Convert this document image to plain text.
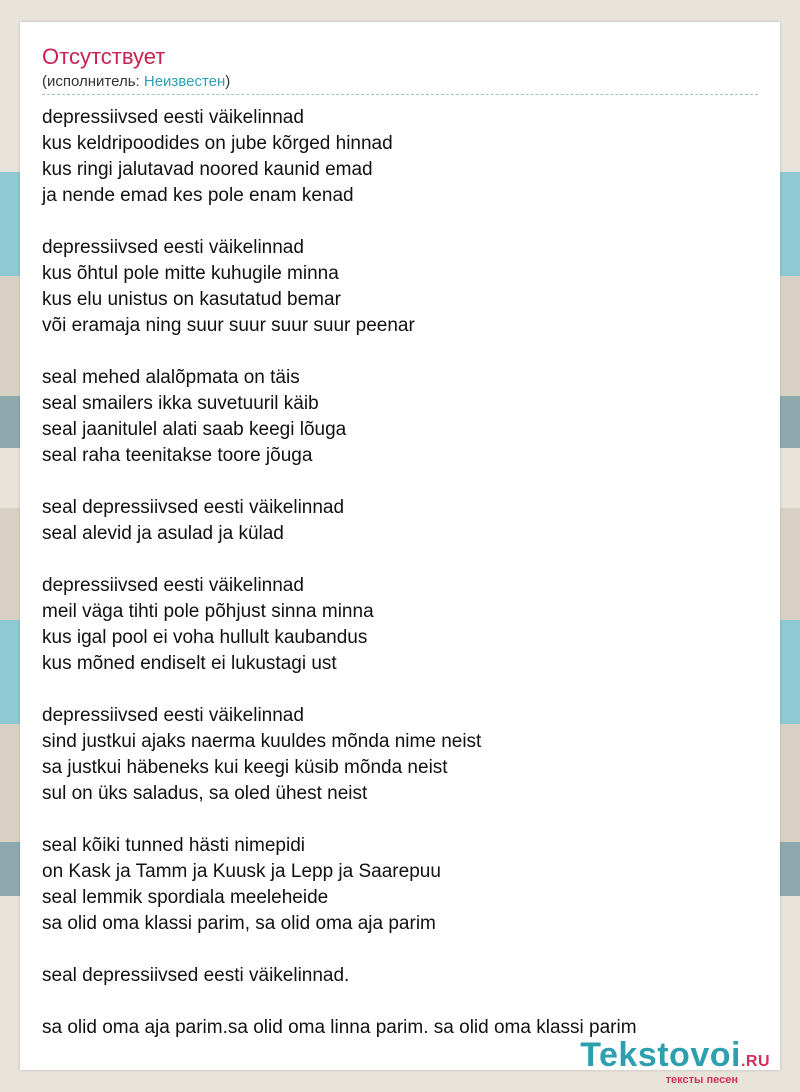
Отсутствует
(исполнитель: Неизвестен)
depressiivsed eesti väikelinnad
kus keldripoodides on jube kõrged hinnad
kus ringi jalutavad noored kaunid emad
ja nende emad kes pole enam kenad
depressiivsed eesti väikelinnad
kus õhtul pole mitte kuhugile minna
kus elu unistus on kasutatud bemar
või eramaja ning suur suur suur suur peenar
seal mehed alalõpmata on täis
seal smailers ikka suvetuuril käib
seal jaanitulel alati saab keegi lõuga
seal raha teenitakse toore jõuga
seal depressiivsed eesti väikelinnad
seal alevid ja asulad ja külad
depressiivsed eesti väikelinnad
meil väga tihti pole põhjust sinna minna
kus igal pool ei voha hullult kaubandus
kus mõned endiselt ei lukustagi ust
depressiivsed eesti väikelinnad
sind justkui ajaks naerma kuuldes mõnda nime neist
sa justkui häbeneks kui keegi küsib mõnda neist
sul on üks saladus, sa oled ühest neist
seal kõiki tunned hästi nimepidi
on Kask ja Tamm ja Kuusk ja Lepp ja Saarepuu
seal lemmik spordiala meeleheide
sa olid oma klassi parim, sa olid oma aja parim
seal depressiivsed eesti väikelinnad.
sa olid oma aja parim.sa olid oma linna parim. sa olid oma klassi parim
Tekstovoi.RU
тексты песен
